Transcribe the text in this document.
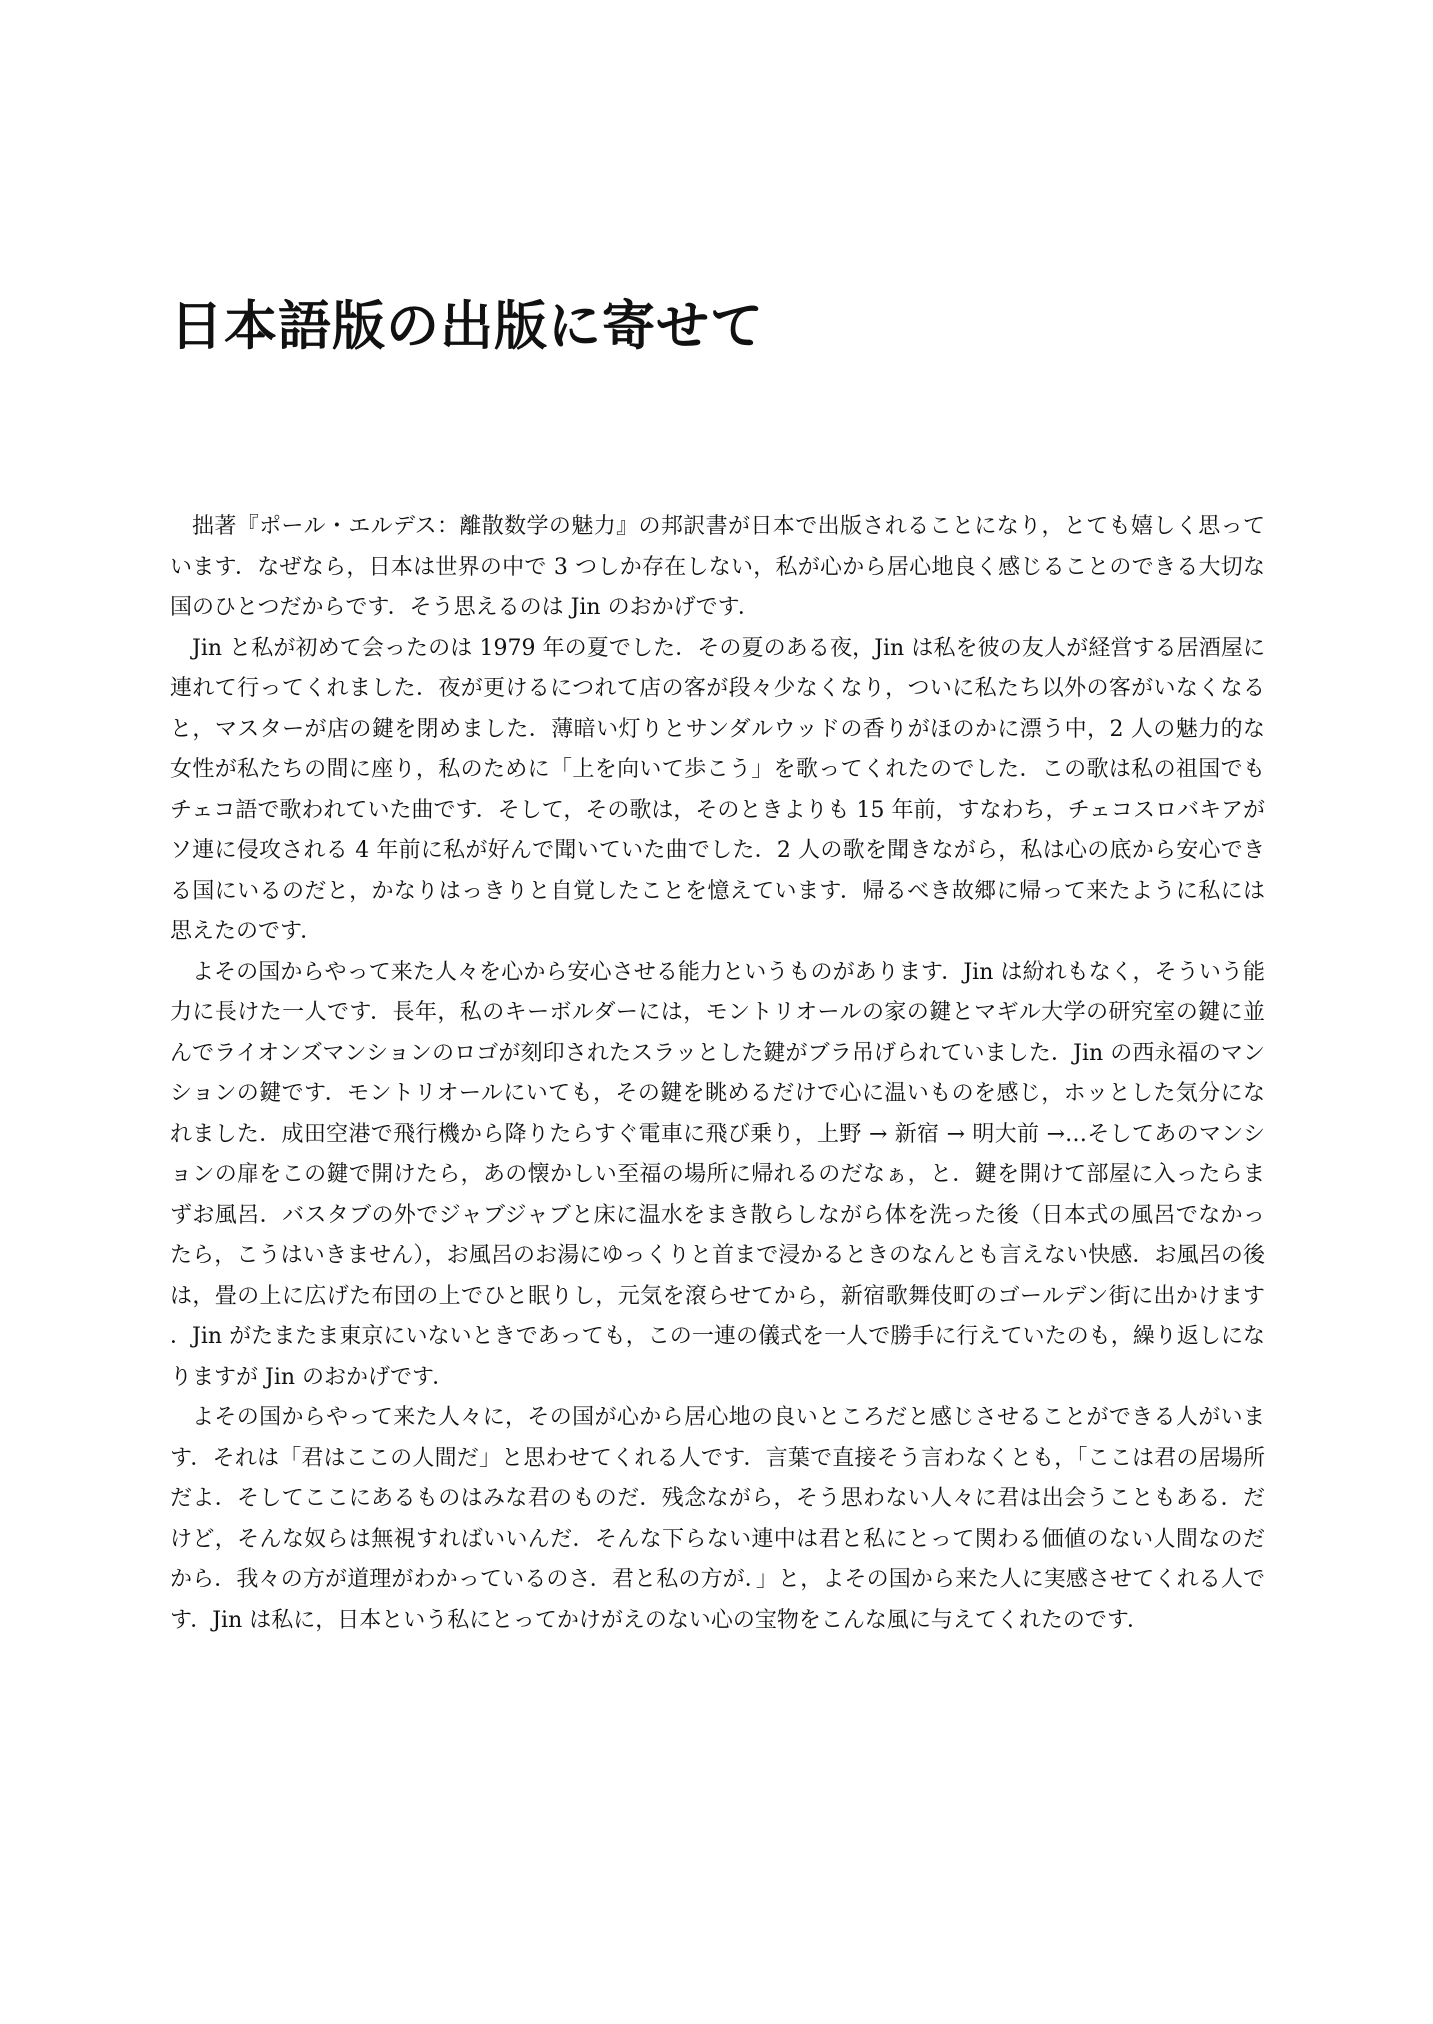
日本語版の出版に寄せて

拙著『ポール・エルデス：離散数学の魅力』の邦訳書が日本で出版されることになり，とても嬉しく思っています．なぜなら，日本は世界の中で 3 つしか存在しない，私が心から居心地良く感じることのできる大切な国のひとつだからです．そう思えるのは Jin のおかげです．

Jin と私が初めて会ったのは 1979 年の夏でした．その夏のある夜，Jin は私を彼の友人が経営する居酒屋に連れて行ってくれました．夜が更けるにつれて店の客が段々少なくなり，ついに私たち以外の客がいなくなると，マスターが店の鍵を閉めました．薄暗い灯りとサンダルウッドの香りがほのかに漂う中，2 人の魅力的な女性が私たちの間に座り，私のために「上を向いて歩こう」を歌ってくれたのでした．この歌は私の祖国でもチェコ語で歌われていた曲です．そして，その歌は，そのときよりも 15 年前，すなわち，チェコスロバキアがソ連に侵攻される 4 年前に私が好んで聞いていた曲でした．2 人の歌を聞きながら，私は心の底から安心できる国にいるのだと，かなりはっきりと自覚したことを憶えています．帰るべき故郷に帰って来たように私には思えたのです．

よその国からやって来た人々を心から安心させる能力というものがあります．Jin は紛れもなく，そういう能力に長けた一人です．長年，私のキーボルダーには，モントリオールの家の鍵とマギル大学の研究室の鍵に並んでライオンズマンションのロゴが刻印されたスラッとした鍵がブラ吊げられていました．Jin の西永福のマンションの鍵です．モントリオールにいても，その鍵を眺めるだけで心に温いものを感じ，ホッとした気分になれました．成田空港で飛行機から降りたらすぐ電車に飛び乗り，上野 → 新宿 → 明大前 →…そしてあのマンションの扉をこの鍵で開けたら，あの懐かしい至福の場所に帰れるのだなぁ，と．鍵を開けて部屋に入ったらまずお風呂．バスタブの外でジャブジャブと床に温水をまき散らしながら体を洗った後（日本式の風呂でなかったら，こうはいきません），お風呂のお湯にゆっくりと首まで浸かるときのなんとも言えない快感．お風呂の後は，畳の上に広げた布団の上でひと眠りし，元気を滾らせてから，新宿歌舞伎町のゴールデン街に出かけます．Jin がたまたま東京にいないときであっても，この一連の儀式を一人で勝手に行えていたのも，繰り返しになりますが Jin のおかげです．

よその国からやって来た人々に，その国が心から居心地の良いところだと感じさせることができる人がいます．それは「君はここの人間だ」と思わせてくれる人です．言葉で直接そう言わなくとも，「ここは君の居場所だよ．そしてここにあるものはみな君のものだ．残念ながら，そう思わない人々に君は出会うこともある．だけど，そんな奴らは無視すればいいんだ．そんな下らない連中は君と私にとって関わる価値のない人間なのだから．我々の方が道理がわかっているのさ．君と私の方が．」と，よその国から来た人に実感させてくれる人です．Jin は私に，日本という私にとってかけがえのない心の宝物をこんな風に与えてくれたのです．
